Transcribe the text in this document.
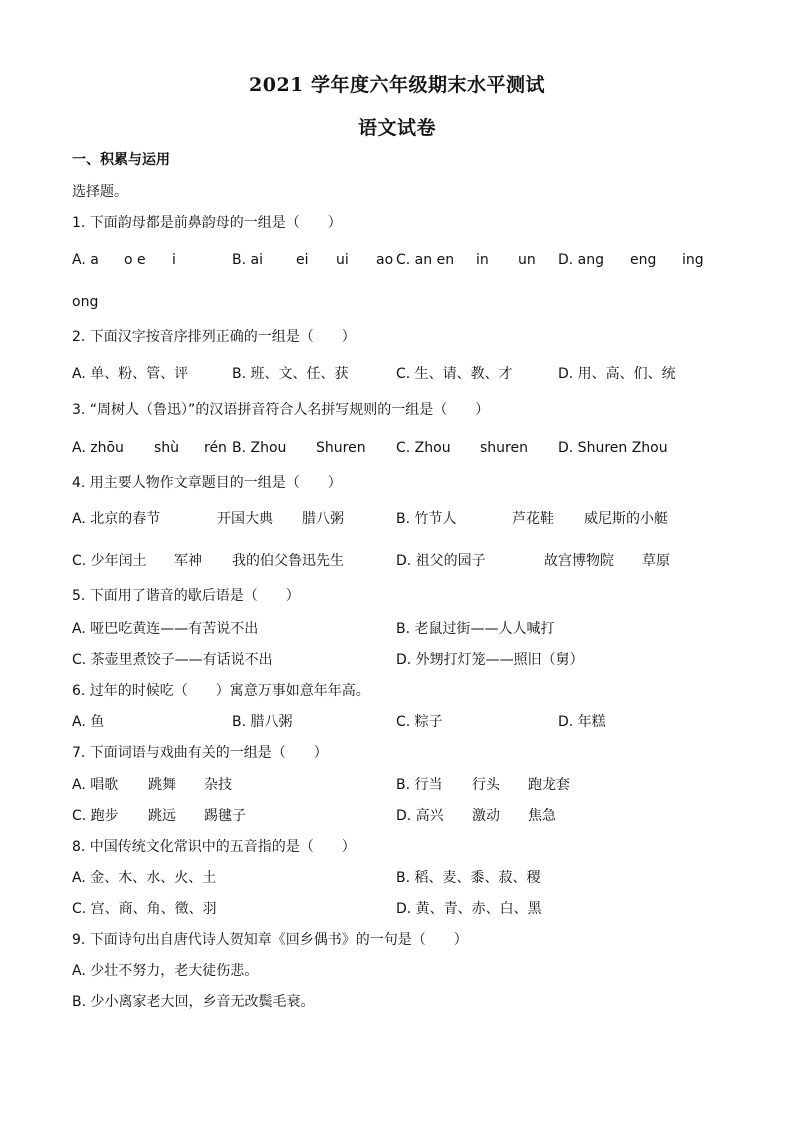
2021 学年度六年级期末水平测试
语文试卷
一、积累与运用
选择题。
1. 下面韵母都是前鼻韵母的一组是（　　）
A. a o e i	B. ai ei ui ao C. an en in un D. ang eng ing
ong
2. 下面汉字按音序排列正确的一组是（　　）
A. 单、粉、管、评	B. 班、文、任、获	C. 生、请、教、才	D. 用、高、们、统
3. “周树人（鲁迅）”的汉语拼音符合人名拼写规则的一组是（　　）
A. zhōu shù rén B. Zhou Shuren C. Zhou shuren D. Shuren Zhou
4. 用主要人物作文章题目的一组是（　　）
A. 北京的春节	开国大典 腊八粥	B. 竹节人	芦花鞋 威尼斯的小艇
C. 少年闰土 军神 我的伯父鲁迅先生	D. 祖父的园子	故宫博物院 草原
5. 下面用了谐音的歇后语是（　　）
A. 哑巴吃黄连——有苦说不出	B. 老鼠过街——人人喊打
C. 茶壶里煮饺子——有话说不出	D. 外甥打灯笼——照旧（舅）
6. 过年的时候吃（　　）寓意万事如意年年高。
A. 鱼	B. 腊八粥	C. 粽子	D. 年糕
7. 下面词语与戏曲有关的一组是（　　）
A. 唱歌 跳舞 杂技	B. 行当 行头 跑龙套
C. 跑步 跳远 踢毽子	D. 高兴 激动 焦急
8. 中国传统文化常识中的五音指的是（　　）
A. 金、木、水、火、土	B. 稻、麦、黍、菽、稷
C. 宫、商、角、徵、羽	D. 黄、青、赤、白、黑
9. 下面诗句出自唐代诗人贺知章《回乡偶书》的一句是（　　）
A. 少壮不努力，老大徒伤悲。
B. 少小离家老大回，乡音无改鬓毛衰。
